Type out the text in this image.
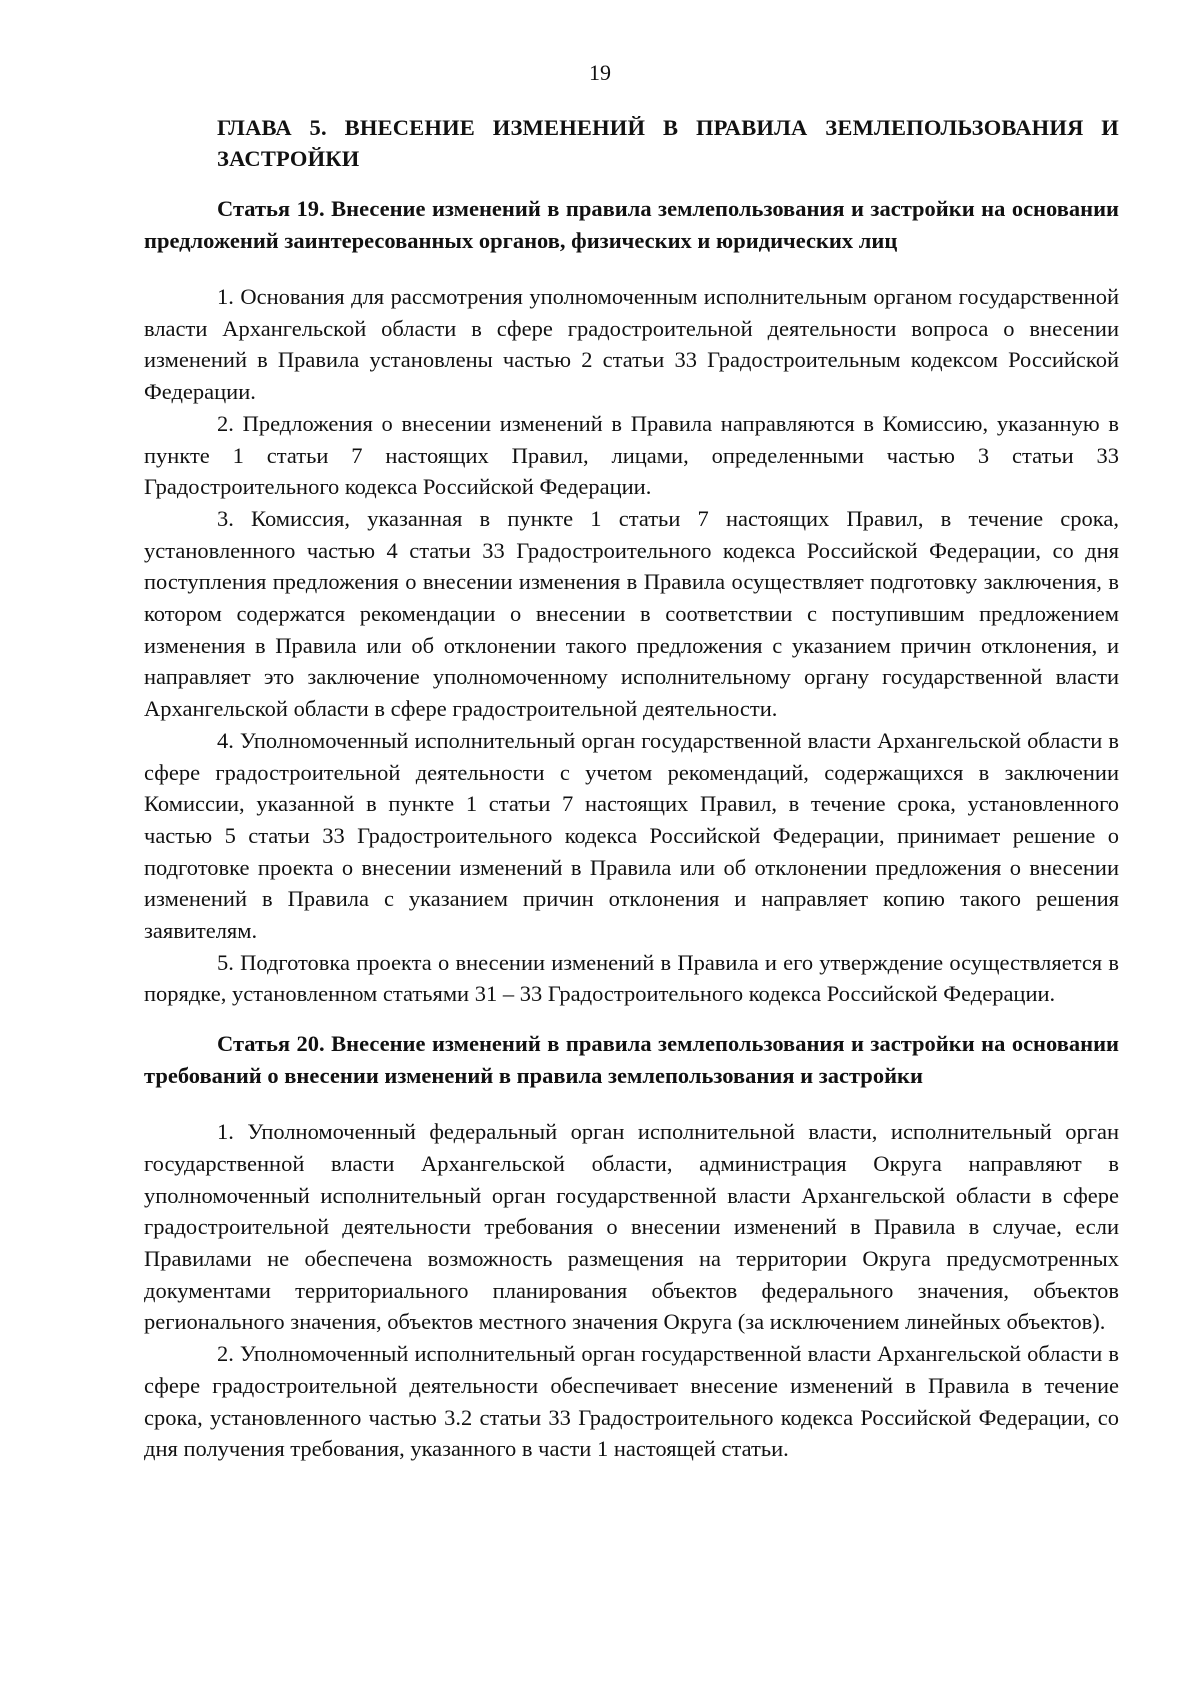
19
ГЛАВА 5. ВНЕСЕНИЕ ИЗМЕНЕНИЙ В ПРАВИЛА ЗЕМЛЕПОЛЬЗОВАНИЯ И ЗАСТРОЙКИ
Статья 19. Внесение изменений в правила землепользования и застройки на основании предложений заинтересованных органов, физических и юридических лиц

1. Основания для рассмотрения уполномоченным исполнительным органом государственной власти Архангельской области в сфере градостроительной деятельности вопроса о внесении изменений в Правила установлены частью 2 статьи 33 Градостроительным кодексом Российской Федерации.

2. Предложения о внесении изменений в Правила направляются в Комиссию, указанную в пункте 1 статьи 7 настоящих Правил, лицами, определенными частью 3 статьи 33 Градостроительного кодекса Российской Федерации.

3. Комиссия, указанная в пункте 1 статьи 7 настоящих Правил, в течение срока, установленного частью 4 статьи 33 Градостроительного кодекса Российской Федерации, со дня поступления предложения о внесении изменения в Правила осуществляет подготовку заключения, в котором содержатся рекомендации о внесении в соответствии с поступившим предложением изменения в Правила или об отклонении такого предложения с указанием причин отклонения, и направляет это заключение уполномоченному исполнительному органу государственной власти Архангельской области в сфере градостроительной деятельности.

4. Уполномоченный исполнительный орган государственной власти Архангельской области в сфере градостроительной деятельности с учетом рекомендаций, содержащихся в заключении Комиссии, указанной в пункте 1 статьи 7 настоящих Правил, в течение срока, установленного частью 5 статьи 33 Градостроительного кодекса Российской Федерации, принимает решение о подготовке проекта о внесении изменений в Правила или об отклонении предложения о внесении изменений в Правила с указанием причин отклонения и направляет копию такого решения заявителям.

5. Подготовка проекта о внесении изменений в Правила и его утверждение осуществляется в порядке, установленном статьями 31 – 33 Градостроительного кодекса Российской Федерации.

Статья 20. Внесение изменений в правила землепользования и застройки на основании требований о внесении изменений в правила землепользования и застройки

1. Уполномоченный федеральный орган исполнительной власти, исполнительный орган государственной власти Архангельской области, администрация Округа направляют в уполномоченный исполнительный орган государственной власти Архангельской области в сфере градостроительной деятельности требования о внесении изменений в Правила в случае, если Правилами не обеспечена возможность размещения на территории Округа предусмотренных документами территориального планирования объектов федерального значения, объектов регионального значения, объектов местного значения Округа (за исключением линейных объектов).

2. Уполномоченный исполнительный орган государственной власти Архангельской области в сфере градостроительной деятельности обеспечивает внесение изменений в Правила в течение срока, установленного частью 3.2 статьи 33 Градостроительного кодекса Российской Федерации, со дня получения требования, указанного в части 1 настоящей статьи.
